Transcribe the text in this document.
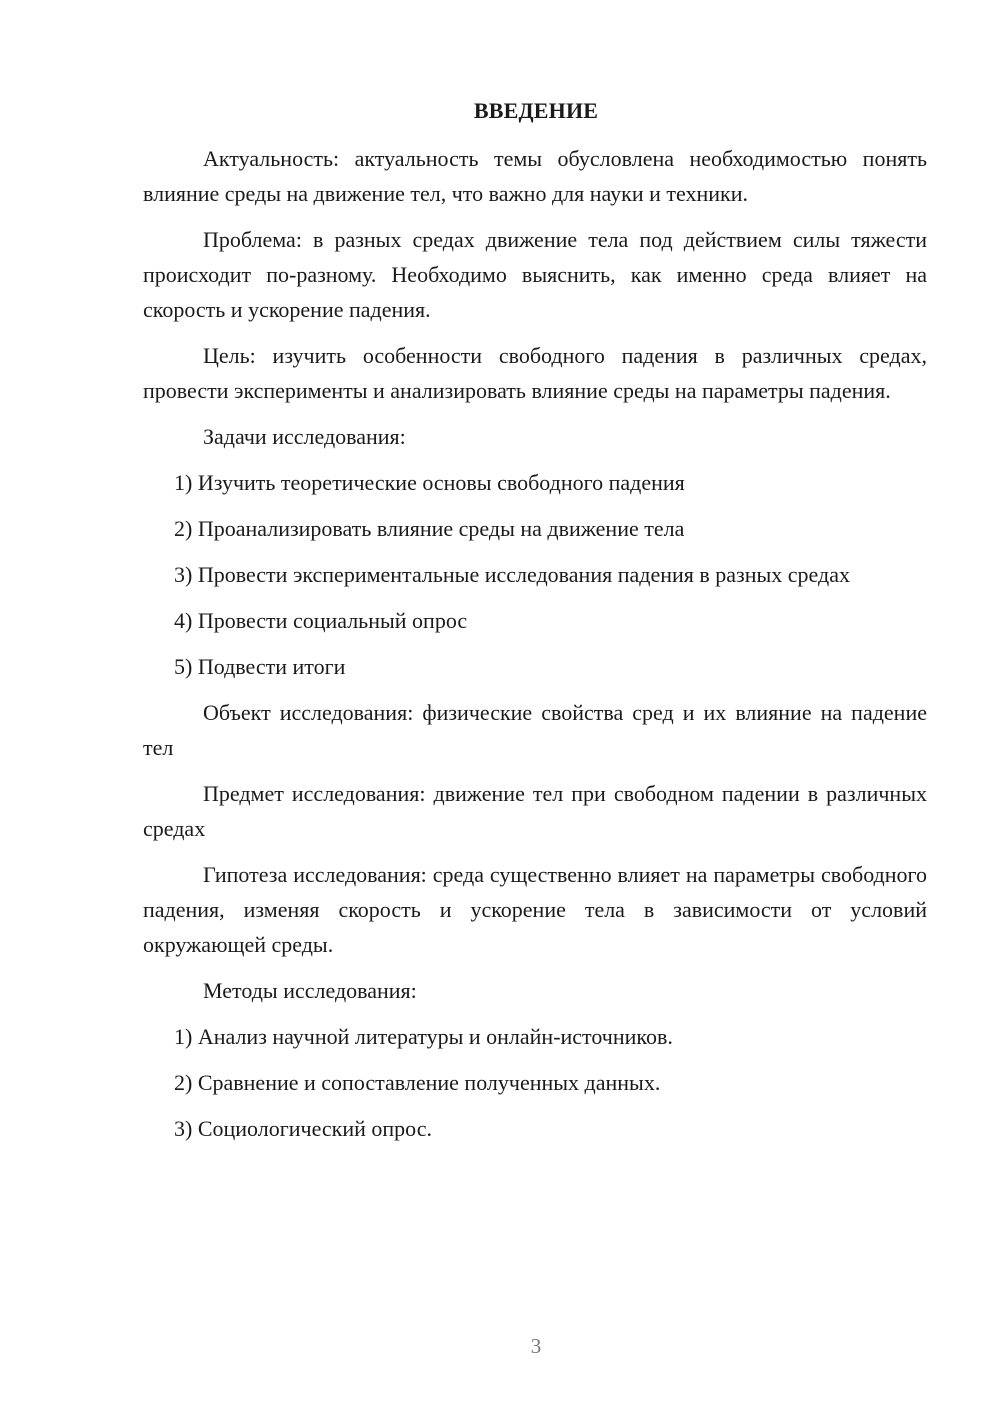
ВВЕДЕНИЕ

Актуальность: актуальность темы обусловлена необходимостью понять влияние среды на движение тел, что важно для науки и техники.

Проблема: в разных средах движение тела под действием силы тяжести происходит по-разному. Необходимо выяснить, как именно среда влияет на скорость и ускорение падения.

Цель: изучить особенности свободного падения в различных средах, провести эксперименты и анализировать влияние среды на параметры падения.

Задачи исследования:

1) Изучить теоретические основы свободного падения

2) Проанализировать влияние среды на движение тела

3) Провести экспериментальные исследования падения в разных средах

4) Провести социальный опрос

5) Подвести итоги

Объект исследования: физические свойства сред и их влияние на падение тел

Предмет исследования: движение тел при свободном падении в различных средах

Гипотеза исследования: среда существенно влияет на параметры свободного падения, изменяя скорость и ускорение тела в зависимости от условий окружающей среды.

Методы исследования:

1) Анализ научной литературы и онлайн-источников.

2) Сравнение и сопоставление полученных данных.

3) Социологический опрос.

3
